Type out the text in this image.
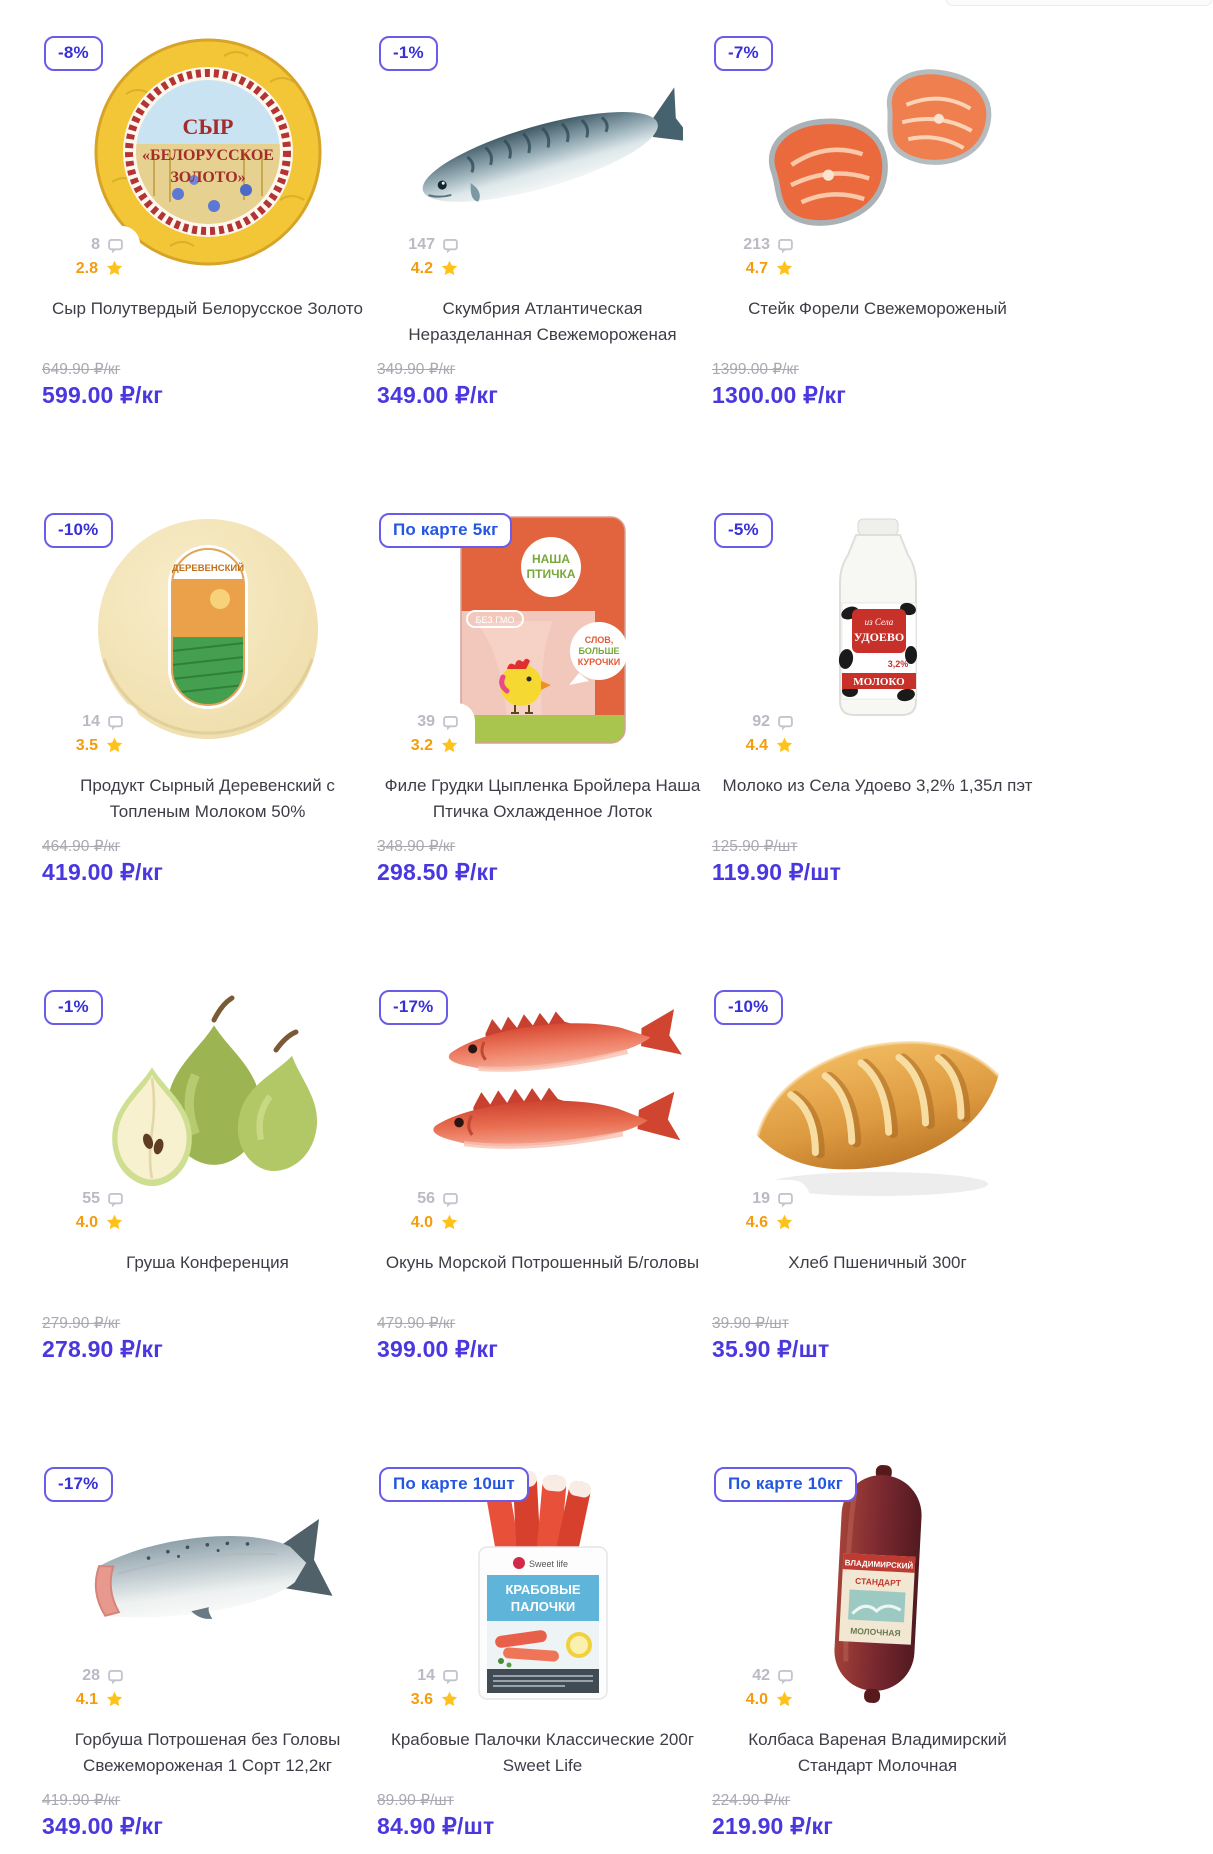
-8%
СЫР
«БЕЛОРУССКОЕ
ЗОЛОТО»
8
2.8
Сыр Полутвердый Белорусское Золото
649.90 ₽/кг
599.00 ₽/кг
-1%
147
4.2
Скумбрия Атлантическая Неразделанная Свежемороженая
349.90 ₽/кг
349.00 ₽/кг
-7%
213
4.7
Стейк Форели Свежемороженый
1399.00 ₽/кг
1300.00 ₽/кг
-10%
ДЕРЕВЕНСКИЙ
14
3.5
Продукт Сырный Деревенский с Топленым Молоком 50%
464.90 ₽/кг
419.00 ₽/кг
По карте 5кг
НАША
ПТИЧКА
БЕЗ ГМО
СЛОВ,
БОЛЬШЕ
КУРОЧКИ
39
3.2
Филе Грудки Цыпленка Бройлера Наша Птичка Охлажденное Лоток
348.90 ₽/кг
298.50 ₽/кг
-5%
из Села
УДОЕВО
3,2%
МОЛОКО
92
4.4
Молоко из Села Удоево 3,2% 1,35л пэт
125.90 ₽/шт
119.90 ₽/шт
-1%
55
4.0
Груша Конференция
279.90 ₽/кг
278.90 ₽/кг
-17%
56
4.0
Окунь Морской Потрошенный Б/головы
479.90 ₽/кг
399.00 ₽/кг
-10%
19
4.6
Хлеб Пшеничный 300г
39.90 ₽/шт
35.90 ₽/шт
-17%
28
4.1
Горбуша Потрошеная без Головы Свежемороженая 1 Сорт 12,2кг
419.90 ₽/кг
349.00 ₽/кг
По карте 10шт
Sweet life
КРАБОВЫЕ
ПАЛОЧКИ
14
3.6
Крабовые Палочки Классические 200г Sweet Life
89.90 ₽/шт
84.90 ₽/шт
По карте 10кг
ВЛАДИМИРСКИЙ
СТАНДАРТ
МОЛОЧНАЯ
42
4.0
Колбаса Вареная Владимирский Стандарт Молочная
224.90 ₽/кг
219.90 ₽/кг
